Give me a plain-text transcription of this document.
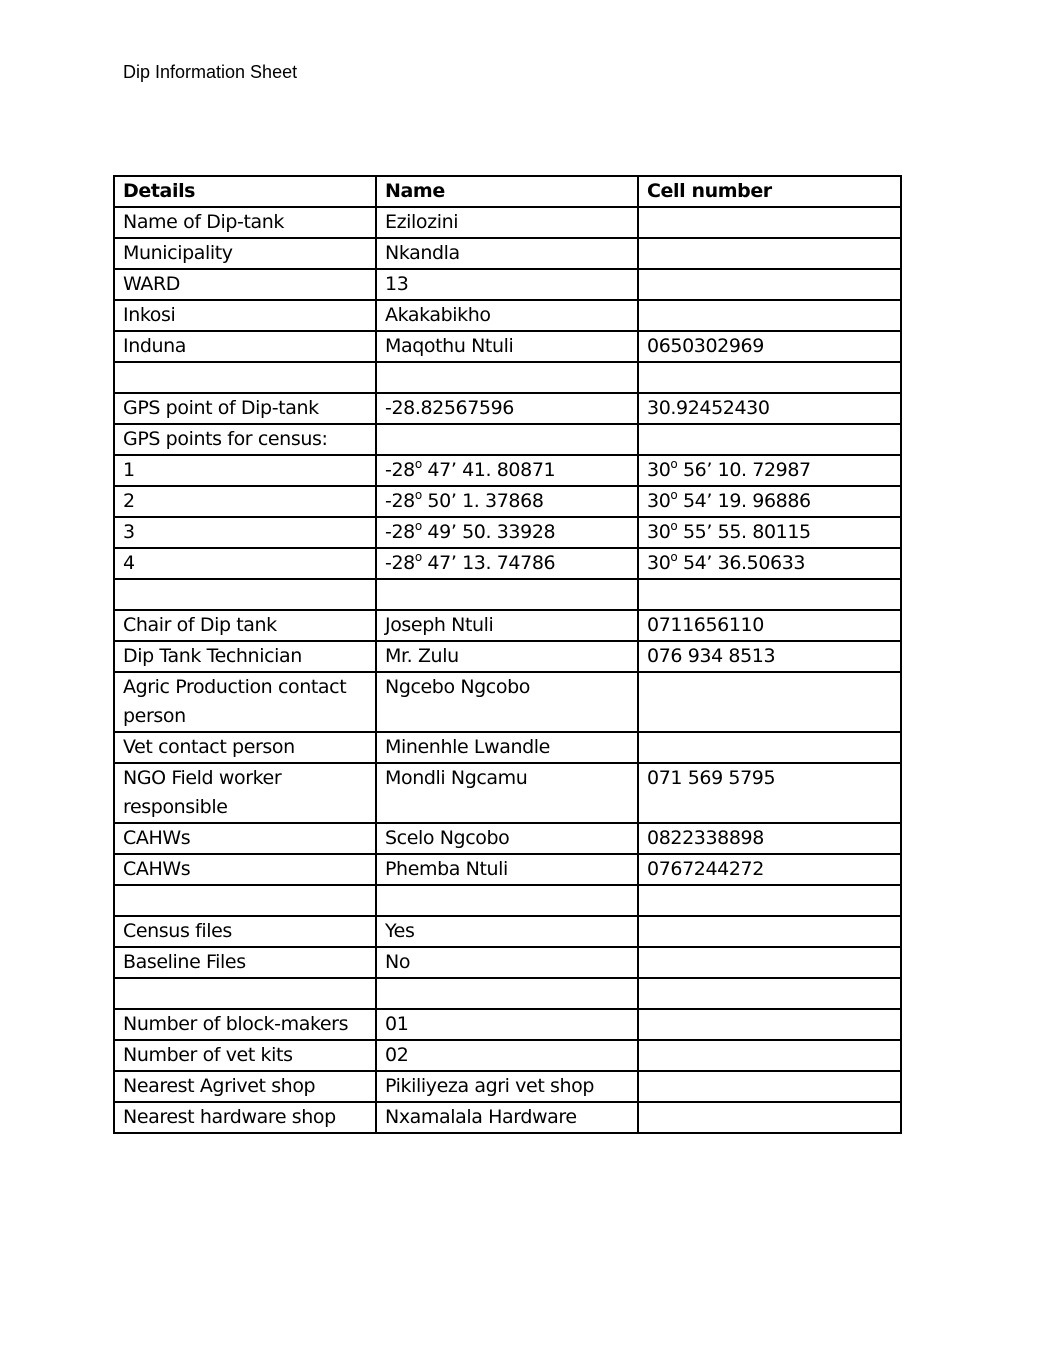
Dip Information Sheet
Details	Name	Cell number
Name of Dip-tank	Ezilozini	
Municipality	Nkandla	
WARD	13	
Inkosi	Akakabikho	
Induna	Maqothu Ntuli	0650302969

GPS point of Dip-tank	-28.82567596	30.92452430
GPS points for census:		
1	-28$^o$ 47’ 41. 80871	30$^o$ 56’ 10. 72987
2	-28$^o$ 50’ 1. 37868	30$^o$ 54’ 19. 96886
3	-28$^o$ 49’ 50. 33928	30$^o$ 55’ 55. 80115
4	-28$^o$ 47’ 13. 74786	30$^o$ 54’ 36.50633

Chair of Dip tank	Joseph Ntuli	0711656110
Dip Tank Technician	Mr. Zulu	076 934 8513
Agric Production contact person	Ngcebo Ngcobo	
Vet contact person	Minenhle Lwandle	
NGO Field worker responsible	Mondli Ngcamu	071 569 5795
CAHWs	Scelo Ngcobo	0822338898
CAHWs	Phemba Ntuli	0767244272

Census files	Yes	
Baseline Files	No	

Number of block-makers	01	
Number of vet kits	02	
Nearest Agrivet shop	Pikiliyeza agri vet shop	
Nearest hardware shop	Nxamalala Hardware	
